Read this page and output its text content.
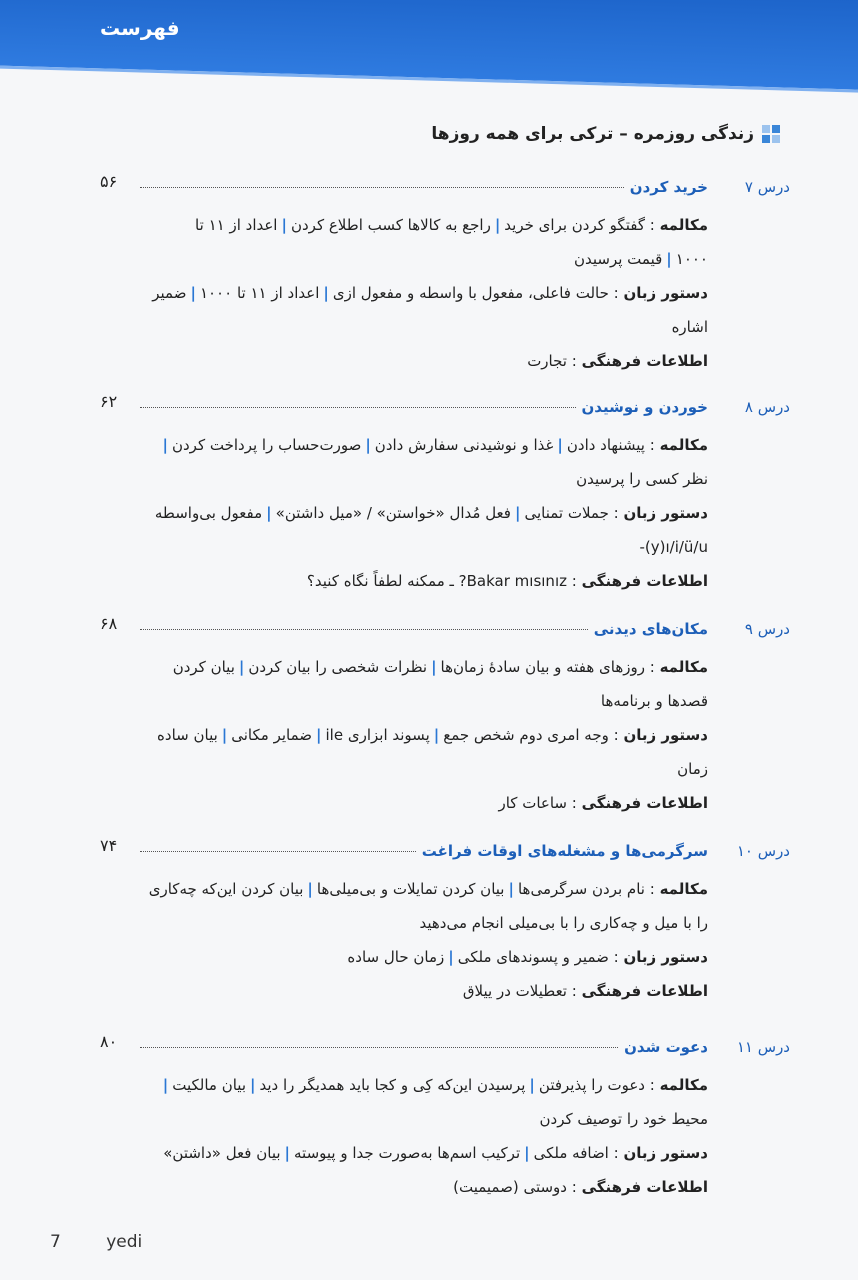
فهرست
زندگی روزمره – ترکی برای همه روزها
درس ۷
خرید کردن
۵۶
مکالمه : گفتگو کردن برای خرید|راجع به کالاها کسب اطلاع کردن|اعداد از ۱۱ تا ۱۰۰۰|قیمت پرسیدن
دستور زبان : حالت فاعلی، مفعول با واسطه و مفعول ازی|اعداد از ۱۱ تا ۱۰۰۰|ضمیر اشاره
اطلاعات فرهنگی : تجارت
درس ۸
خوردن و نوشیدن
۶۲
مکالمه : پیشنهاد دادن|غذا و نوشیدنی سفارش دادن|صورت‌حساب را پرداخت کردن|نظر کسی را پرسیدن
دستور زبان : جملات تمنایی|فعل مُدال «خواستن» / «میل داشتن»|مفعول بی‌واسطه ‎-(y)ı/i/ü/u
اطلاعات فرهنگی : ‎Bakar mısınız?‏ ـ ممکنه لطفاً نگاه کنید؟
درس ۹
مکان‌های دیدنی
۶۸
مکالمه : روزهای هفته و بیان سادهٔ زمان‌ها|نظرات شخصی را بیان کردن|بیان کردن قصدها و برنامه‌ها
دستور زبان : وجه امری دوم شخص جمع|پسوند ابزاری ile|ضمایر مکانی|بیان ساده زمان
اطلاعات فرهنگی : ساعات کار
درس ۱۰
سرگرمی‌ها و مشغله‌های اوقات فراغت
۷۴
مکالمه : نام بردن سرگرمی‌ها|بیان کردن تمایلات و بی‌میلی‌ها|بیان کردن این‌که چه‌کاری را با میل و چه‌کاری را با بی‌میلی انجام می‌دهید
دستور زبان : ضمیر و پسوندهای ملکی|زمان حال ساده
اطلاعات فرهنگی : تعطیلات در ییلاق
درس ۱۱
دعوت شدن
۸۰
مکالمه : دعوت را پذیرفتن|پرسیدن این‌که کِی و کجا باید همدیگر را دید|بیان مالکیت|محیط خود را توصیف کردن
دستور زبان : اضافه ملکی|ترکیب اسم‌ها به‌صورت جدا و پیوسته|بیان فعل «داشتن»
اطلاعات فرهنگی : دوستی (صمیمیت)
7	yedi
